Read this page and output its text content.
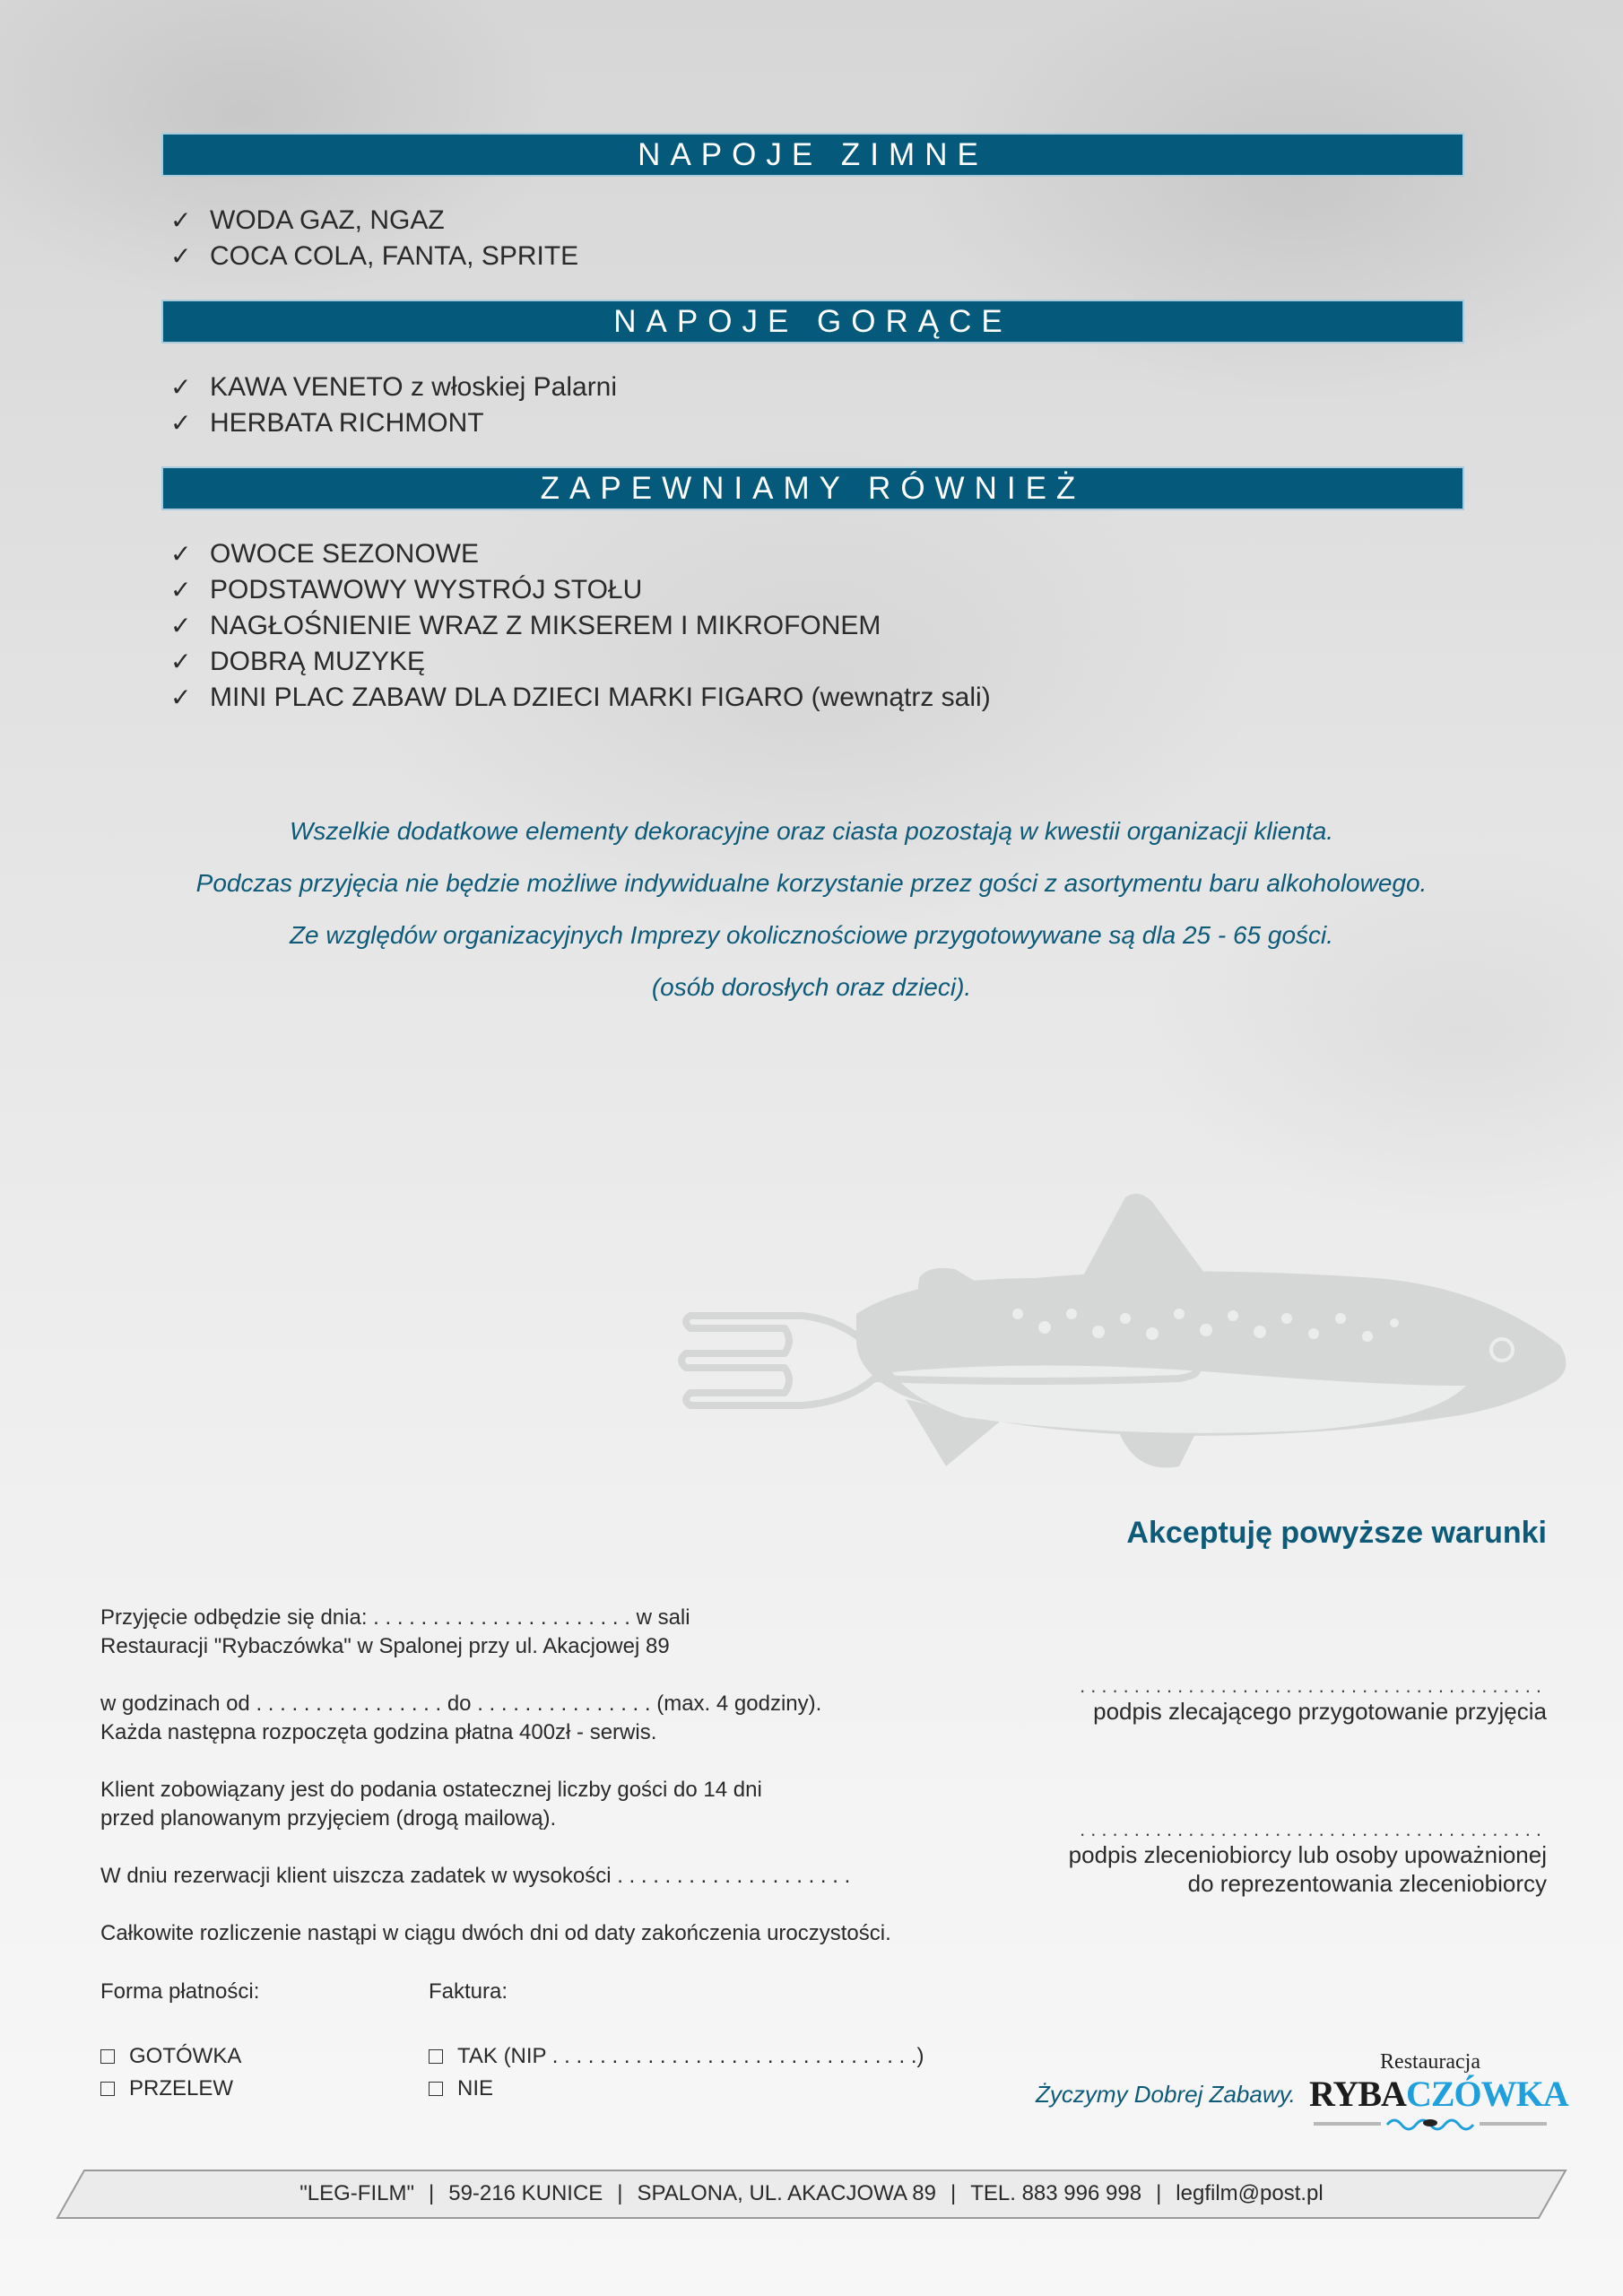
NAPOJE ZIMNE
✓ WODA GAZ, NGAZ
✓ COCA COLA, FANTA, SPRITE
NAPOJE GORĄCE
✓ KAWA VENETO z włoskiej Palarni
✓ HERBATA RICHMONT
ZAPEWNIAMY RÓWNIEŻ
✓ OWOCE SEZONOWE
✓ PODSTAWOWY WYSTRÓJ STOŁU
✓ NAGŁOŚNIENIE WRAZ Z MIKSEREM I MIKROFONEM
✓ DOBRĄ MUZYKĘ
✓ MINI PLAC ZABAW DLA DZIECI MARKI FIGARO (wewnątrz sali)

Wszelkie dodatkowe elementy dekoracyjne oraz ciasta pozostają w kwestii organizacji klienta.

Podczas przyjęcia nie będzie możliwe indywidualne korzystanie przez gości z asortymentu baru alkoholowego.

Ze względów organizacyjnych Imprezy okolicznościowe przygotowywane są dla 25 - 65 gości.

(osób dorosłych oraz dzieci).

Akceptuję powyższe warunki

Przyjęcie odbędzie się dnia: . . . . . . . . . . . . . . . . . . . . . . w sali

Restauracji "Rybaczówka" w Spalonej przy ul. Akacjowej 89

w godzinach od . . . . . . . . . . . . . . . . do . . . . . . . . . . . . . . . (max. 4 godziny).

Każda następna rozpoczęta godzina płatna 400zł - serwis.

Klient zobowiązany jest do podania ostatecznej liczby gości do 14 dni

przed planowanym przyjęciem (drogą mailową).

W dniu rezerwacji klient uiszcza zadatek w wysokości . . . . . . . . . . . . . . . . . . . .

Całkowite rozliczenie nastąpi w ciągu dwóch dni od daty zakończenia uroczystości.

Forma płatności:
GOTÓWKA
PRZELEW
Faktura:
TAK (NIP . . . . . . . . . . . . . . . . . . . . . . . . . . . . . . .)
NIE
...........................................
podpis zlecającego przygotowanie przyjęcia
...........................................
podpis zleceniobiorcy lub osoby upoważnionej
do reprezentowania zleceniobiorcy
Życzymy Dobrej Zabawy.
Restauracja
RYBACZÓWKA
"LEG-FILM" | 59-216 KUNICE | SPALONA, UL. AKACJOWA 89 | TEL. 883 996 998 | legfilm@post.pl
